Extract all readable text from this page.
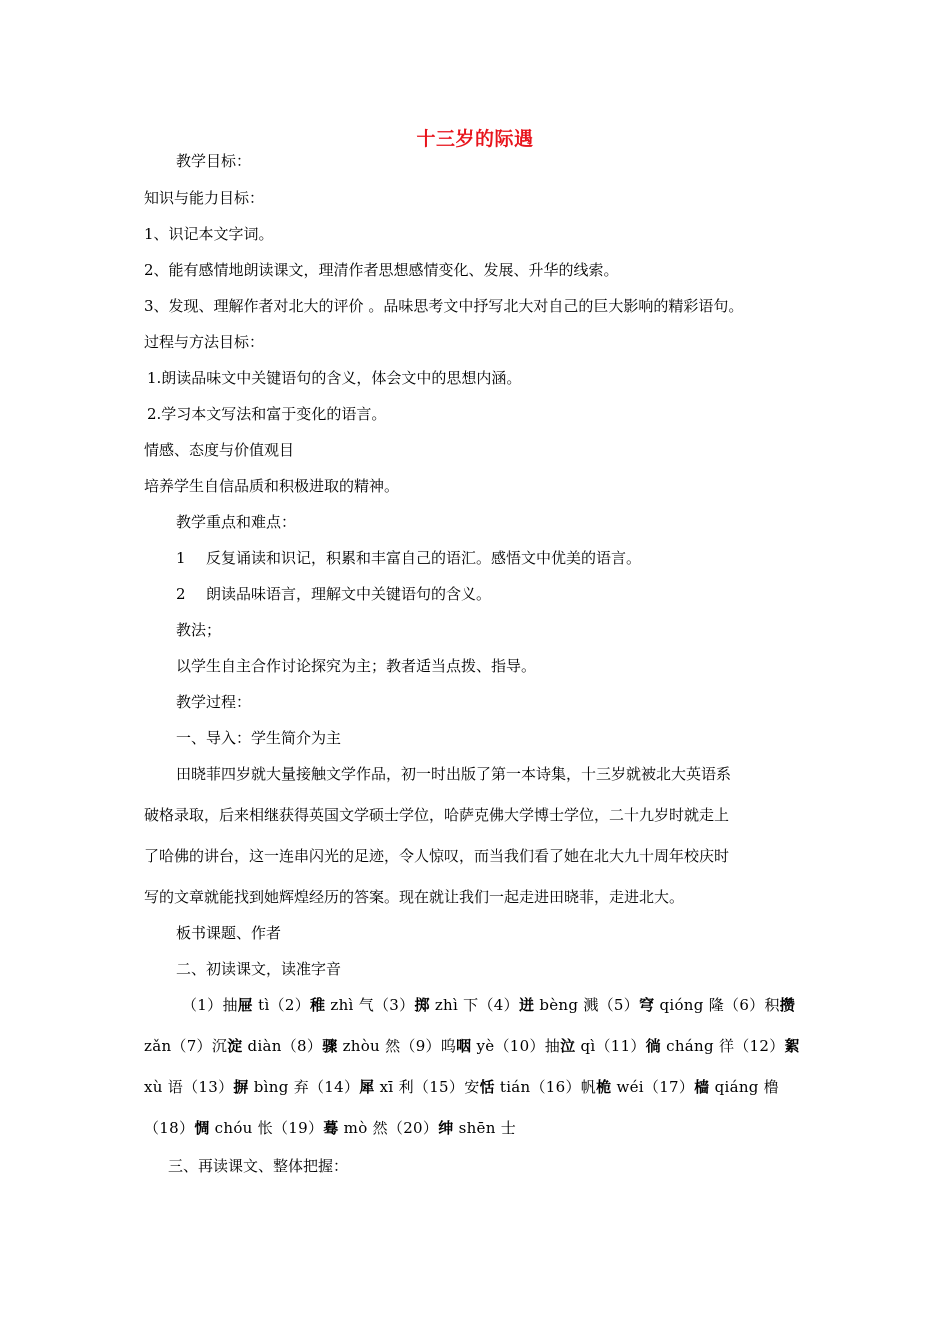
十三岁的际遇
教学目标：
知识与能力目标：
1、识记本文字词。
2、能有感情地朗读课文，理清作者思想感情变化、发展、升华的线索。
3、发现、理解作者对北大的评价 。品味思考文中抒写北大对自己的巨大影响的精彩语句。
过程与方法目标：
1.朗读品味文中关键语句的含义，体会文中的思想内涵。
2.学习本文写法和富于变化的语言。
情感、态度与价值观目
培养学生自信品质和积极进取的精神。
教学重点和难点：
1 反复诵读和识记，积累和丰富自己的语汇。感悟文中优美的语言。
2 朗读品味语言，理解文中关键语句的含义。
教法；
以学生自主合作讨论探究为主；教者适当点拨、指导。
教学过程：
一、导入：学生简介为主
田晓菲四岁就大量接触文学作品，初一时出版了第一本诗集，十三岁就被北大英语系
破格录取，后来相继获得英国文学硕士学位，哈萨克佛大学博士学位，二十九岁时就走上
了哈佛的讲台，这一连串闪光的足迹，令人惊叹，而当我们看了她在北大九十周年校庆时
写的文章就能找到她辉煌经历的答案。现在就让我们一起走进田晓菲，走进北大。
板书课题、作者
二、初读课文，读准字音
（1）抽屉 tì（2）稚 zhì 气（3）掷 zhì 下（4）迸 bèng 溅（5）穹 qióng 隆（6）积攒
zǎn（7）沉淀 diàn（8）骤 zhòu 然（9）呜咽 yè（10）抽泣 qì（11）徜 cháng 徉（12）絮
xù 语（13）摒 bìng 弃（14）犀 xī 利（15）安恬 tián（16）帆桅 wéi（17）樯 qiáng 橹
（18）惆 chóu 怅（19）蓦 mò 然（20）绅 shēn 士
三、再读课文、整体把握：
